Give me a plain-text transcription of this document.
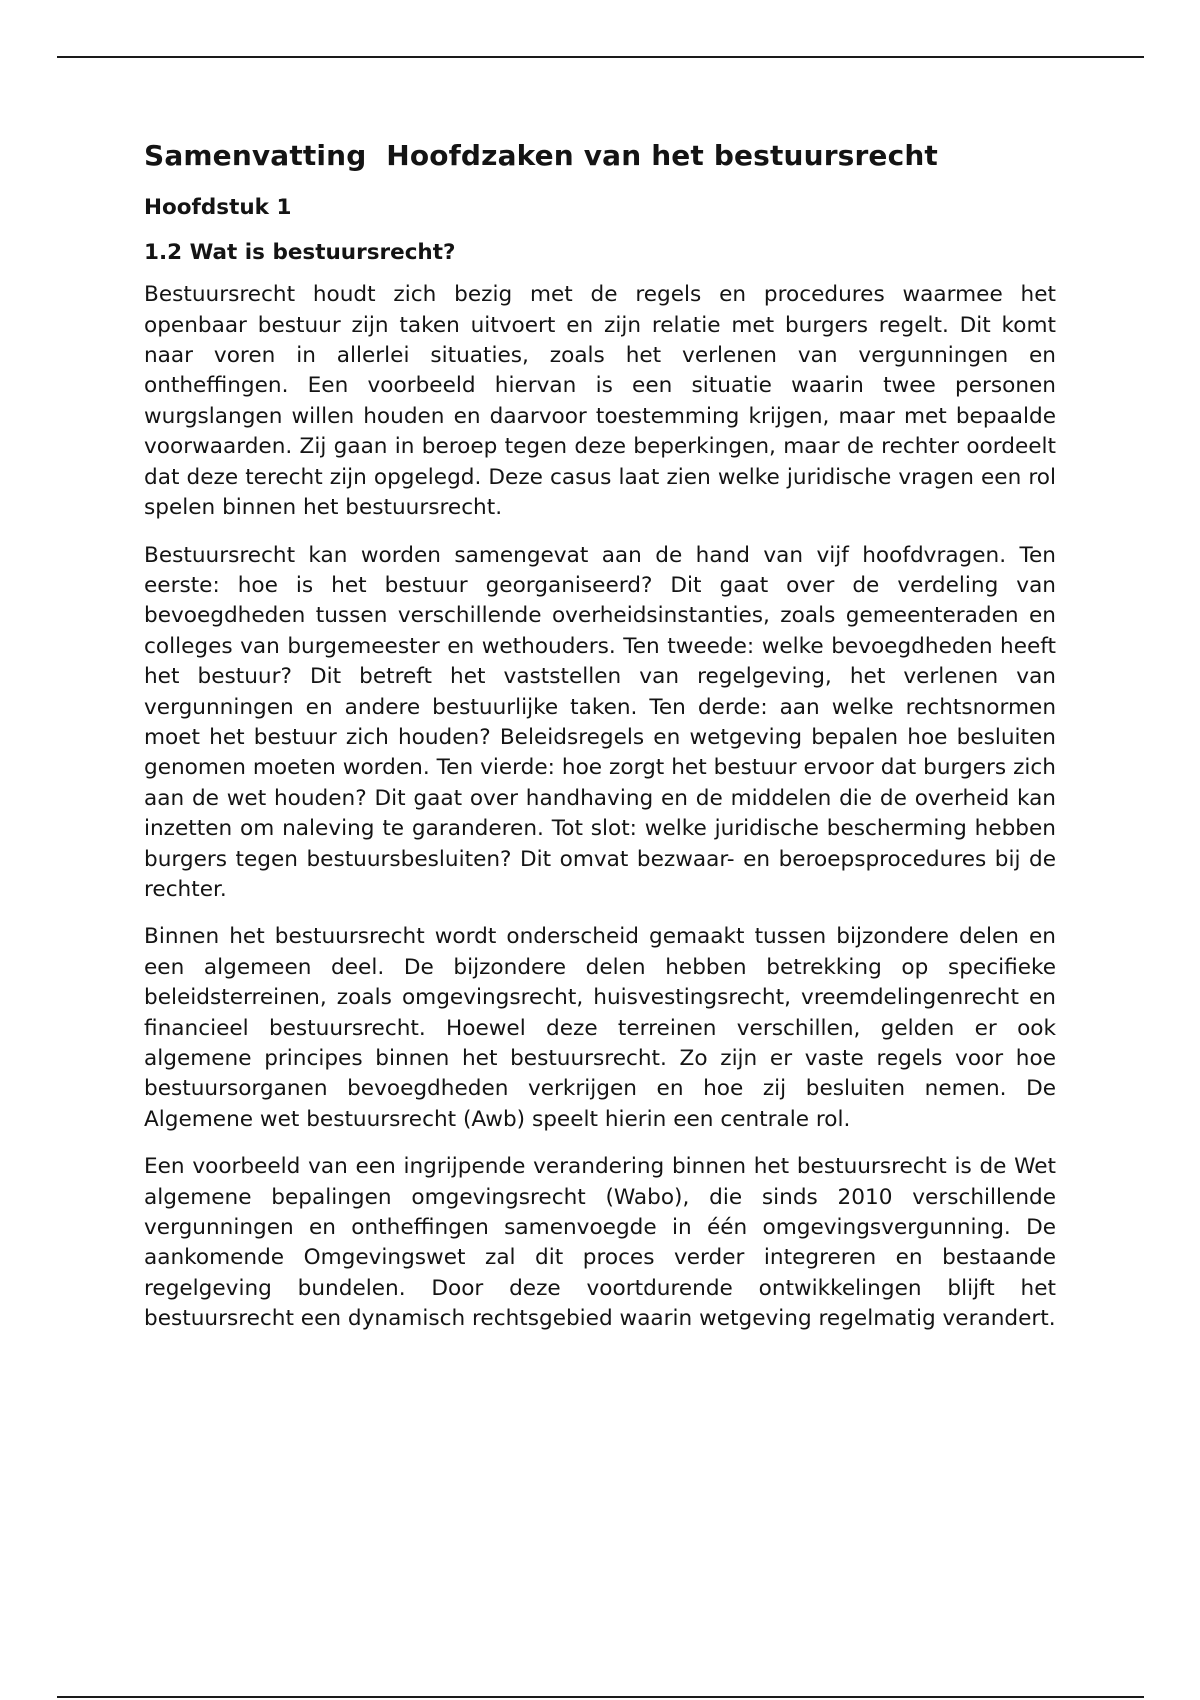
Samenvatting  Hoofdzaken van het bestuursrecht
Hoofdstuk 1
1.2 Wat is bestuursrecht?

Bestuursrecht houdt zich bezig met de regels en procedures waarmee het openbaar bestuur zijn taken uitvoert en zijn relatie met burgers regelt. Dit komt naar voren in allerlei situaties, zoals het verlenen van vergunningen en ontheffingen. Een voorbeeld hiervan is een situatie waarin twee personen wurgslangen willen houden en daarvoor toestemming krijgen, maar met bepaalde voorwaarden. Zij gaan in beroep tegen deze beperkingen, maar de rechter oordeelt dat deze terecht zijn opgelegd. Deze casus laat zien welke juridische vragen een rol spelen binnen het bestuursrecht.

Bestuursrecht kan worden samengevat aan de hand van vijf hoofdvragen. Ten eerste: hoe is het bestuur georganiseerd? Dit gaat over de verdeling van bevoegdheden tussen verschillende overheidsinstanties, zoals gemeenteraden en colleges van burgemeester en wethouders. Ten tweede: welke bevoegdheden heeft het bestuur? Dit betreft het vaststellen van regelgeving, het verlenen van vergunningen en andere bestuurlijke taken. Ten derde: aan welke rechtsnormen moet het bestuur zich houden? Beleidsregels en wetgeving bepalen hoe besluiten genomen moeten worden. Ten vierde: hoe zorgt het bestuur ervoor dat burgers zich aan de wet houden? Dit gaat over handhaving en de middelen die de overheid kan inzetten om naleving te garanderen. Tot slot: welke juridische bescherming hebben burgers tegen bestuursbesluiten? Dit omvat bezwaar- en beroepsprocedures bij de rechter.

Binnen het bestuursrecht wordt onderscheid gemaakt tussen bijzondere delen en een algemeen deel. De bijzondere delen hebben betrekking op specifieke beleidsterreinen, zoals omgevingsrecht, huisvestingsrecht, vreemdelingenrecht en financieel bestuursrecht. Hoewel deze terreinen verschillen, gelden er ook algemene principes binnen het bestuursrecht. Zo zijn er vaste regels voor hoe bestuursorganen bevoegdheden verkrijgen en hoe zij besluiten nemen. De Algemene wet bestuursrecht (Awb) speelt hierin een centrale rol.

Een voorbeeld van een ingrijpende verandering binnen het bestuursrecht is de Wet algemene bepalingen omgevingsrecht (Wabo), die sinds 2010 verschillende vergunningen en ontheffingen samenvoegde in één omgevingsvergunning. De aankomende Omgevingswet zal dit proces verder integreren en bestaande regelgeving bundelen. Door deze voortdurende ontwikkelingen blijft het bestuursrecht een dynamisch rechtsgebied waarin wetgeving regelmatig verandert.
